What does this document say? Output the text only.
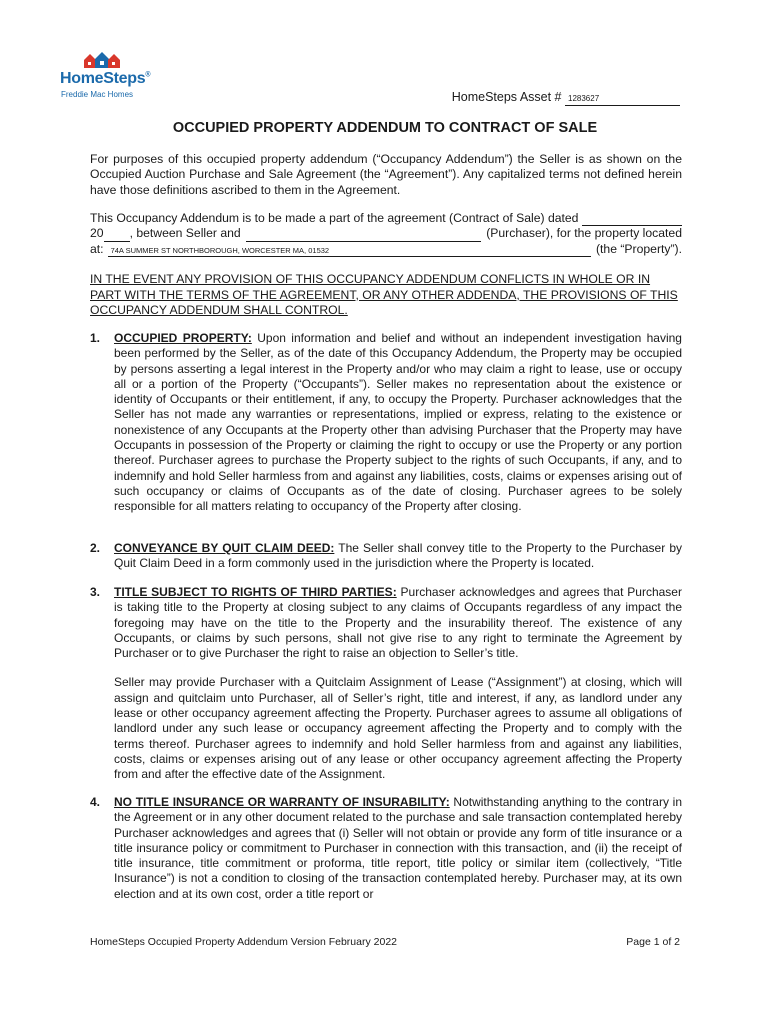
HomeSteps®
Freddie Mac Homes	HomeSteps Asset # 1283627
OCCUPIED PROPERTY ADDENDUM TO CONTRACT OF SALE

For purposes of this occupied property addendum (“Occupancy Addendum”) the Seller is as shown on the Occupied Auction Purchase and Sale Agreement (the “Agreement”). Any capitalized terms not defined herein have those definitions ascribed to them in the Agreement.

This Occupancy Addendum is to be made a part of the agreement (Contract of Sale) dated
20 , between Seller and	(Purchaser), for the property located
at: 74A SUMMER ST NORTHBOROUGH, WORCESTER MA, 01532	(the “Property”).

IN THE EVENT ANY PROVISION OF THIS OCCUPANCY ADDENDUM CONFLICTS IN WHOLE OR IN PART WITH THE TERMS OF THE AGREEMENT, OR ANY OTHER ADDENDA, THE PROVISIONS OF THIS OCCUPANCY ADDENDUM SHALL CONTROL.

1. OCCUPIED PROPERTY: Upon information and belief and without an independent investigation having been performed by the Seller, as of the date of this Occupancy Addendum, the Property may be occupied by persons asserting a legal interest in the Property and/or who may claim a right to lease, use or occupy all or a portion of the Property (“Occupants”). Seller makes no representation about the existence or identity of Occupants or their entitlement, if any, to occupy the Property. Purchaser acknowledges that the Seller has not made any warranties or representations, implied or express, relating to the existence or nonexistence of any Occupants at the Property other than advising Purchaser that the Property may have Occupants in possession of the Property or claiming the right to occupy or use the Property or any portion thereof. Purchaser agrees to purchase the Property subject to the rights of such Occupants, if any, and to indemnify and hold Seller harmless from and against any liabilities, costs, claims or expenses arising out of such occupancy or claims of Occupants as of the date of closing. Purchaser agrees to be solely responsible for all matters relating to occupancy of the Property after closing.
2. CONVEYANCE BY QUIT CLAIM DEED: The Seller shall convey title to the Property to the Purchaser by Quit Claim Deed in a form commonly used in the jurisdiction where the Property is located.
3. TITLE SUBJECT TO RIGHTS OF THIRD PARTIES: Purchaser acknowledges and agrees that Purchaser is taking title to the Property at closing subject to any claims of Occupants regardless of any impact the foregoing may have on the title to the Property and the insurability thereof. The existence of any Occupants, or claims by such persons, shall not give rise to any right to terminate the Agreement by Purchaser or to give Purchaser the right to raise an objection to Seller’s title.
Seller may provide Purchaser with a Quitclaim Assignment of Lease (“Assignment”) at closing, which will assign and quitclaim unto Purchaser, all of Seller’s right, title and interest, if any, as landlord under any lease or other occupancy agreement affecting the Property. Purchaser agrees to assume all obligations of landlord under any such lease or occupancy agreement affecting the Property and to comply with the terms thereof. Purchaser agrees to indemnify and hold Seller harmless from and against any liabilities, costs, claims or expenses arising out of any lease or other occupancy agreement affecting the Property from and after the effective date of the Assignment.
4. NO TITLE INSURANCE OR WARRANTY OF INSURABILITY: Notwithstanding anything to the contrary in the Agreement or in any other document related to the purchase and sale transaction contemplated hereby Purchaser acknowledges and agrees that (i) Seller will not obtain or provide any form of title insurance or a title insurance policy or commitment to Purchaser in connection with this transaction, and (ii) the receipt of title insurance, title commitment or proforma, title report, title policy or similar item (collectively, “Title Insurance”) is not a condition to closing of the transaction contemplated hereby. Purchaser may, at its own election and at its own cost, order a title report or
HomeSteps Occupied Property Addendum Version February 2022	Page 1 of 2
